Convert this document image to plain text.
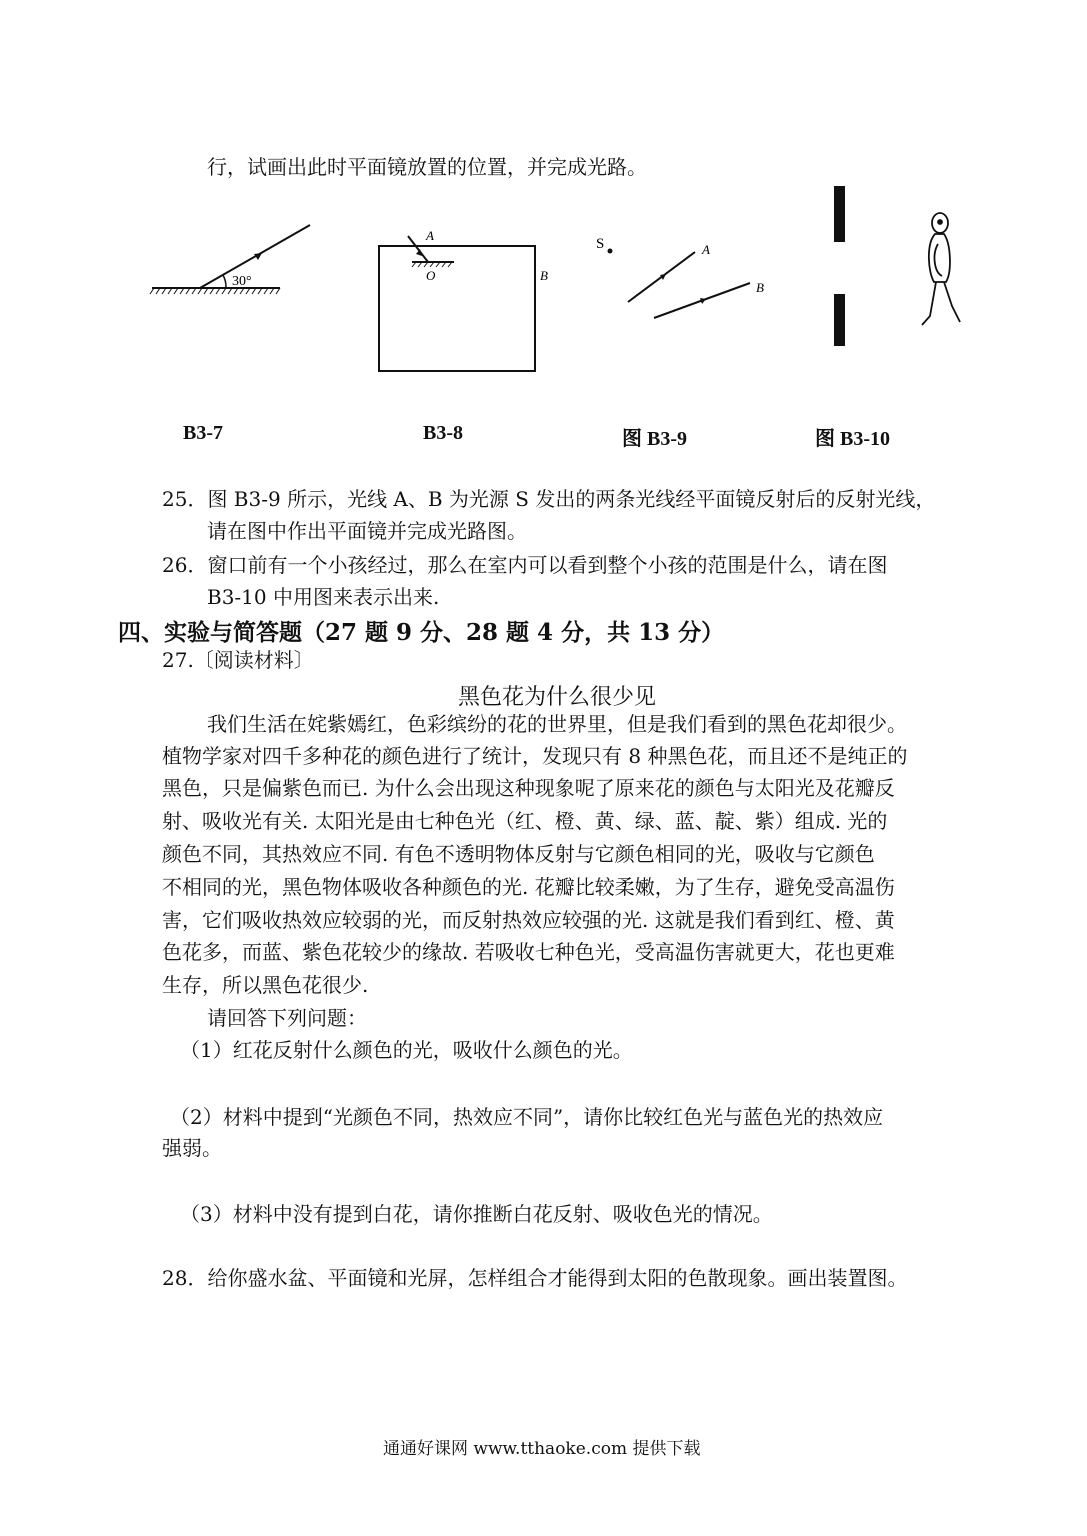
行，试画出此时平面镜放置的位置，并完成光路。
30°
B3-7
A
O	B
B3-8
S	A
B
图 B3-9	图 B3-10
25．图 B3-9 所示，光线 A、B 为光源 S 发出的两条光线经平面镜反射后的反射光线，
请在图中作出平面镜并完成光路图。
26．窗口前有一个小孩经过，那么在室内可以看到整个小孩的范围是什么，请在图
B3-10 中用图来表示出来.
四、实验与简答题（27 题 9 分、28 题 4 分，共 13 分）
27.〔阅读材料〕
黑色花为什么很少见
我们生活在姹紫嫣红，色彩缤纷的花的世界里，但是我们看到的黑色花却很少。
植物学家对四千多种花的颜色进行了统计，发现只有 8 种黑色花，而且还不是纯正的
黑色，只是偏紫色而已. 为什么会出现这种现象呢了原来花的颜色与太阳光及花瓣反
射、吸收光有关. 太阳光是由七种色光（红、橙、黄、绿、蓝、靛、紫）组成. 光的
颜色不同，其热效应不同. 有色不透明物体反射与它颜色相同的光，吸收与它颜色
不相同的光，黑色物体吸收各种颜色的光. 花瓣比较柔嫩，为了生存，避免受高温伤
害，它们吸收热效应较弱的光，而反射热效应较强的光. 这就是我们看到红、橙、黄
色花多，而蓝、紫色花较少的缘故. 若吸收七种色光，受高温伤害就更大，花也更难
生存，所以黑色花很少.
请回答下列问题：
（1）红花反射什么颜色的光，吸收什么颜色的光。
（2）材料中提到“光颜色不同，热效应不同”，请你比较红色光与蓝色光的热效应
强弱。
（3）材料中没有提到白花，请你推断白花反射、吸收色光的情况。
28．给你盛水盆、平面镜和光屏，怎样组合才能得到太阳的色散现象。画出装置图。
通通好课网 www.tthaoke.com 提供下载
